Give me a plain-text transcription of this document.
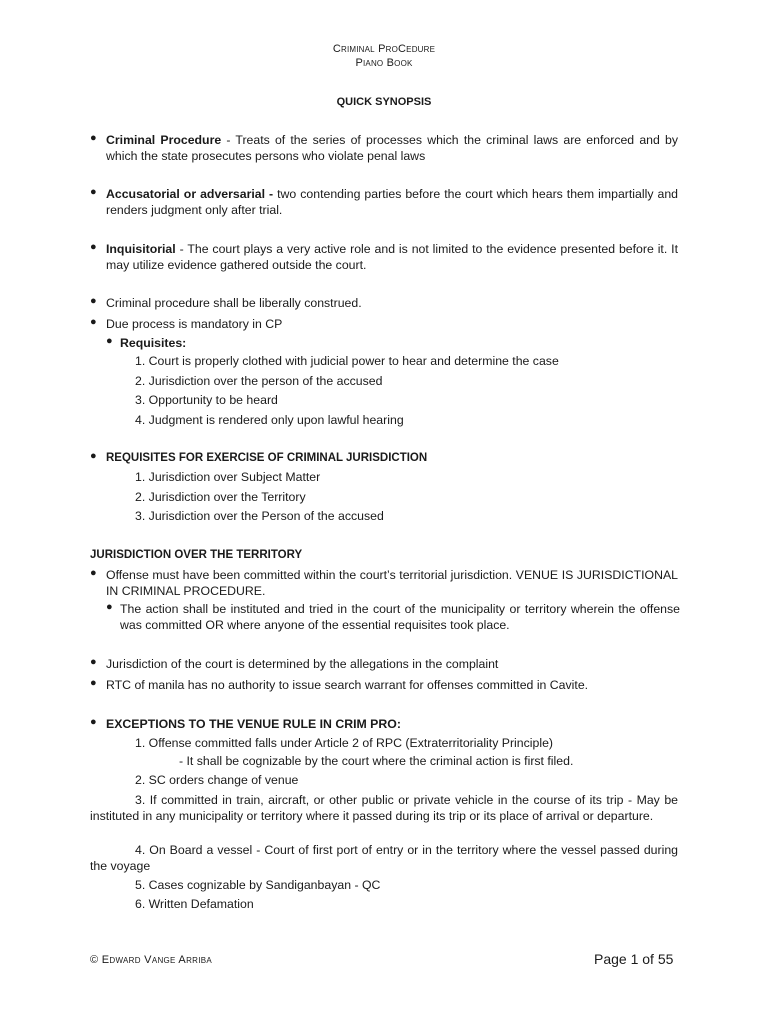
Criminal ProCedure
Piano Book
QUICK SYNOPSIS
● Criminal Procedure - Treats of the series of processes which the criminal laws are enforced and by which the state prosecutes persons who violate penal laws
● Accusatorial or adversarial - two contending parties before the court which hears them impartially and renders judgment only after trial.
● Inquisitorial - The court plays a very active role and is not limited to the evidence presented before it. It may utilize evidence gathered outside the court.
● Criminal procedure shall be liberally construed.
● Due process is mandatory in CP
● Requisites:
1. Court is properly clothed with judicial power to hear and determine the case
2. Jurisdiction over the person of the accused
3. Opportunity to be heard
4. Judgment is rendered only upon lawful hearing
● REQUISITES FOR EXERCISE OF CRIMINAL JURISDICTION
1. Jurisdiction over Subject Matter
2. Jurisdiction over the Territory
3. Jurisdiction over the Person of the accused
JURISDICTION OVER THE TERRITORY
● Offense must have been committed within the court’s territorial jurisdiction. VENUE IS JURISDICTIONAL IN CRIMINAL PROCEDURE.
● The action shall be instituted and tried in the court of the municipality or territory wherein the offense was committed OR where anyone of the essential requisites took place.
● Jurisdiction of the court is determined by the allegations in the complaint
● RTC of manila has no authority to issue search warrant for offenses committed in Cavite.
● EXCEPTIONS TO THE VENUE RULE IN CRIM PRO:
1. Offense committed falls under Article 2 of RPC (Extraterritoriality Principle)
- It shall be cognizable by the court where the criminal action is first filed.
2. SC orders change of venue
3. If committed in train, aircraft, or other public or private vehicle in the course of its trip - May be instituted in any municipality or territory where it passed during its trip or its place of arrival or departure.
4. On Board a vessel - Court of first port of entry or in the territory where the vessel passed during the voyage
5. Cases cognizable by Sandiganbayan - QC
6. Written Defamation
© Edward Vange Arriba	Page 1 of 55
